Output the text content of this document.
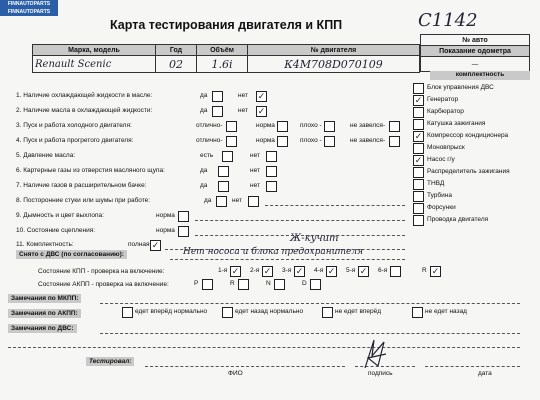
FINNAUTOPARTS
FINNAUTOPARTS
Карта тестирования двигателя и КПП	С1142
№ авто
Показание одометра
—
Марка, модель	Год	Объём	№ двигателя
Renault Scenic	02	1.6і	К4М708D070109
комплектность
Блок управления ДВС
✓ Генератор
Карбюратор
Катушка зажигания
✓ Компрессор кондиционера
Моновпрыск
✓ Насос г/у
Распределитель зажигания
ТНВД
Турбина
Форсунки
Проводка двигателя
1. Наличие охлаждающей жидкости в масле:	да	нет ✓
2. Наличие масла в охлаждающей жидкости:	да	нет ✓
3. Пуск и работа холодного двигателя:	отлично-	норма	плохо -	не завелся-
4. Пуск и работа прогретого двигателя:	отлично-	норма	плохо -	не завелся-
5. Давление масла:	есть	нет
6. Картерные газы из отверстия масляного щупа:	да	нет
7. Наличие газов в расширительном бачке:	да	нет
8. Посторонние стуки или шумы при работе:	да	нет
9. Дымность и цвет выхлопа:	норма
10. Состояние сцепления:	норма
11. Комплектность:	полная ✓
Ж-кучит
Снято с ДВС (по согласованию):	Нет нососа и блока предохранителя
Состояние КПП - проверка на включение:	1-я ✓ 2-я ✓ 3-я ✓ 4-я ✓ 5-я ✓ 6-я	R ✓
Состояние АКПП - проверка на включение:	P	R	N	D
Замечания по МКПП:
Замечания по АКПП:	едет вперёд нормально	едет назад нормально	не едет вперёд	не едет назад
Замечания по ДВС:
Тестировал:
ФИО	подпись	дата
